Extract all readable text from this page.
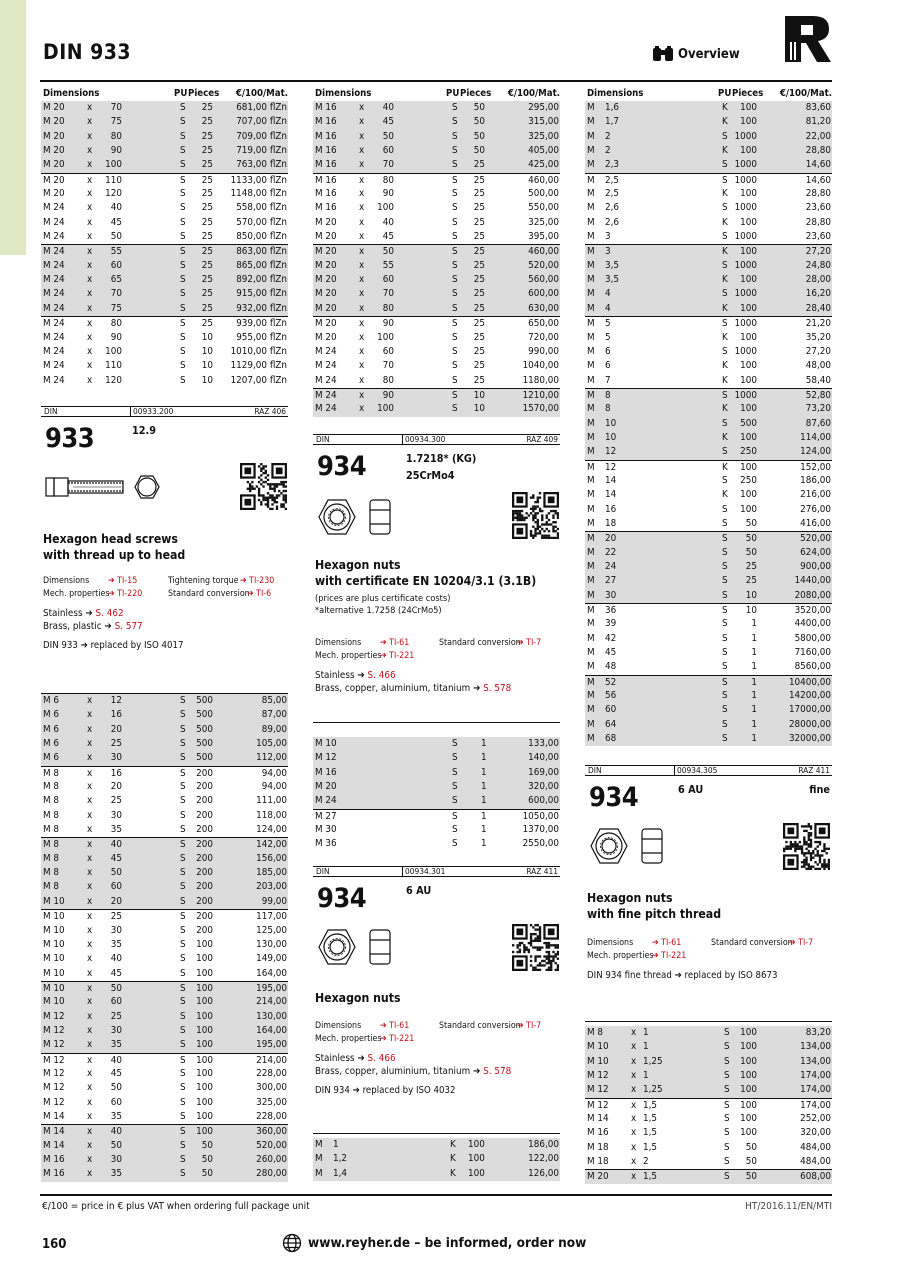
DIN 933	Overview
Dimensions	PU Pieces €/100/Mat.
M 20 x 70	S 25 681,00 flZn
M 20 x 75	S 25 707,00 flZn
M 20 x 80	S 25 709,00 flZn
M 20 x 90	S 25 719,00 flZn
M 20 x 100	S 25 763,00 flZn
M 20 x 110	S 25 1133,00 flZn
M 20 x 120	S 25 1148,00 flZn
M 24 x 40	S 25 558,00 flZn
M 24 x 45	S 25 570,00 flZn
M 24 x 50	S 25 850,00 flZn
M 24 x 55	S 25 863,00 flZn
M 24 x 60	S 25 865,00 flZn
M 24 x 65	S 25 892,00 flZn
M 24 x 70	S 25 915,00 flZn
M 24 x 75	S 25 932,00 flZn
M 24 x 80	S 25 939,00 flZn
M 24 x 90	S 10 955,00 flZn
M 24 x 100	S 10 1010,00 flZn
M 24 x 110	S 10 1129,00 flZn
M 24 x 120	S 10 1207,00 flZn
Dimensions	PU Pieces €/100/Mat.
M 16 x 40	S 50	295,00
M 16 x 45	S 50	315,00
M 16 x 50	S 50	325,00
M 16 x 60	S 50	405,00
M 16 x 70	S 25	425,00
M 16 x 80	S 25	460,00
M 16 x 90	S 25	500,00
M 16 x 100	S 25	550,00
M 20 x 40	S 25	325,00
M 20 x 45	S 25	395,00
M 20 x 50	S 25	460,00
M 20 x 55	S 25	520,00
M 20 x 60	S 25	560,00
M 20 x 70	S 25	600,00
M 20 x 80	S 25	630,00
M 20 x 90	S 25	650,00
M 20 x 100	S 25	720,00
M 24 x 60	S 25	990,00
M 24 x 70	S 25	1040,00
M 24 x 80	S 25	1180,00
M 24 x 90	S 10	1210,00
M 24 x 100	S 10	1570,00
Dimensions	PU Pieces €/100/Mat.
M 1,6	K 100	83,60
M 1,7	K 100	81,20
M 2	S 1000	22,00
M 2	K 100	28,80
M 2,3	S 1000	14,60
M 2,5	S 1000	14,60
M 2,5	K 100	28,80
M 2,6	S 1000	23,60
M 2,6	K 100	28,80
M 3	S 1000	23,60
M 3	K 100	27,20
M 3,5	S 1000	24,80
M 3,5	K 100	28,00
M 4	S 1000	16,20
M 4	K 100	28,40
M 5	S 1000	21,20
M 5	K 100	35,20
M 6	S 1000	27,20
M 6	K 100	48,00
M 7	K 100	58,40
M 8	S 1000	52,80
M 8	K 100	73,20
M 10	S 500	87,60
M 10	K 100	114,00
M 12	S 250	124,00
M 12	K 100	152,00
M 14	S 250	186,00
M 14	K 100	216,00
M 16	S 100	276,00
M 18	S 50	416,00
M 20	S 50	520,00
M 22	S 50	624,00
M 24	S 25	900,00
M 27	S 25	1440,00
M 30	S 10	2080,00
M 36	S 10	3520,00
M 39	S 1	4400,00
M 42	S 1	5800,00
M 45	S 1	7160,00
M 48	S 1	8560,00
M 52	S 1	10400,00
M 56	S 1	14200,00
M 60	S 1	17000,00
M 64	S 1	28000,00
M 68	S 1	32000,00
DIN	00933.200	RAZ 406
933	12.9
Hexagon head screws
with thread up to head
Dimensions ➔ TI-15	Tightening torque ➔ TI-230
Mech. properties
➔ TI-220	Standard conversion
➔ TI-6
Stainless ➔ S. 462
Brass, plastic ➔ S. 577
DIN 933 ➔ replaced by ISO 4017
M 6	x 12	S 500	85,00
M 6	x 16	S 500	87,00
M 6	x 20	S 500	89,00
M 6	x 25	S 500	105,00
M 6	x 30	S 500	112,00
M 8	x 16	S 200	94,00
M 8	x 20	S 200	94,00
M 8	x 25	S 200	111,00
M 8	x 30	S 200	118,00
M 8	x 35	S 200	124,00
M 8	x 40	S 200	142,00
M 8	x 45	S 200	156,00
M 8	x 50	S 200	185,00
M 8	x 60	S 200	203,00
M 10 x 20	S 200	99,00
M 10 x 25	S 200	117,00
M 10 x 30	S 200	125,00
M 10 x 35	S 100	130,00
M 10 x 40	S 100	149,00
M 10 x 45	S 100	164,00
M 10 x 50	S 100	195,00
M 10 x 60	S 100	214,00
M 12 x 25	S 100	130,00
M 12 x 30	S 100	164,00
M 12 x 35	S 100	195,00
M 12 x 40	S 100	214,00
M 12 x 45	S 100	228,00
M 12 x 50	S 100	300,00
M 12 x 60	S 100	325,00
M 14 x 35	S 100	228,00
M 14 x 40	S 100	360,00
M 14 x 50	S 50	520,00
M 16 x 30	S 50	260,00
M 16 x 35	S 50	280,00
DIN	00934.300	RAZ 409
934	1.7218* (KG)
25CrMo4
Hexagon nuts
with certificate EN 10204/3.1 (3.1B)
(prices are plus certificate costs)
*alternative 1.7258 (24CrMo5)
Dimensions ➔ TI-61	Standard conversion
➔ TI-7
Mech. properties
➔ TI-221
Stainless ➔ S. 466
Brass, copper, aluminium, titanium ➔ S. 578
M 10	S 1	133,00
M 12	S 1	140,00
M 16	S 1	169,00
M 20	S 1	320,00
M 24	S 1	600,00
M 27	S 1	1050,00
M 30	S 1	1370,00
M 36	S 1	2550,00
DIN	00934.301	RAZ 411
934	6 AU
Hexagon nuts
Dimensions ➔ TI-61	Standard conversion
➔ TI-7
Mech. properties
➔ TI-221
Stainless ➔ S. 466
Brass, copper, aluminium, titanium ➔ S. 578
DIN 934 ➔ replaced by ISO 4032
M 1	K 100	186,00
M 1,2	K 100	122,00
M 1,4	K 100	126,00
DIN	00934.305	RAZ 411
934	6 AU	fine
Hexagon nuts
with fine pitch thread
Dimensions ➔ TI-61	Standard conversion
➔ TI-7
Mech. properties
➔ TI-221
DIN 934 fine thread ➔ replaced by ISO 8673
M 8	x 1	S 100	83,20
M 10 x 1	S 100	134,00
M 10 x 1,25	S 100	134,00
M 12 x 1	S 100	174,00
M 12 x 1,25	S 100	174,00
M 12 x 1,5	S 100	174,00
M 14 x 1,5	S 100	252,00
M 16 x 1,5	S 100	320,00
M 18 x 1,5	S 50	484,00
M 18 x 2	S 50	484,00
M 20 x 1,5	S 50	608,00
€/100 = price in € plus VAT when ordering full package unit	HT/2016.11/EN/MTI
160	www.reyher.de – be informed, order now
